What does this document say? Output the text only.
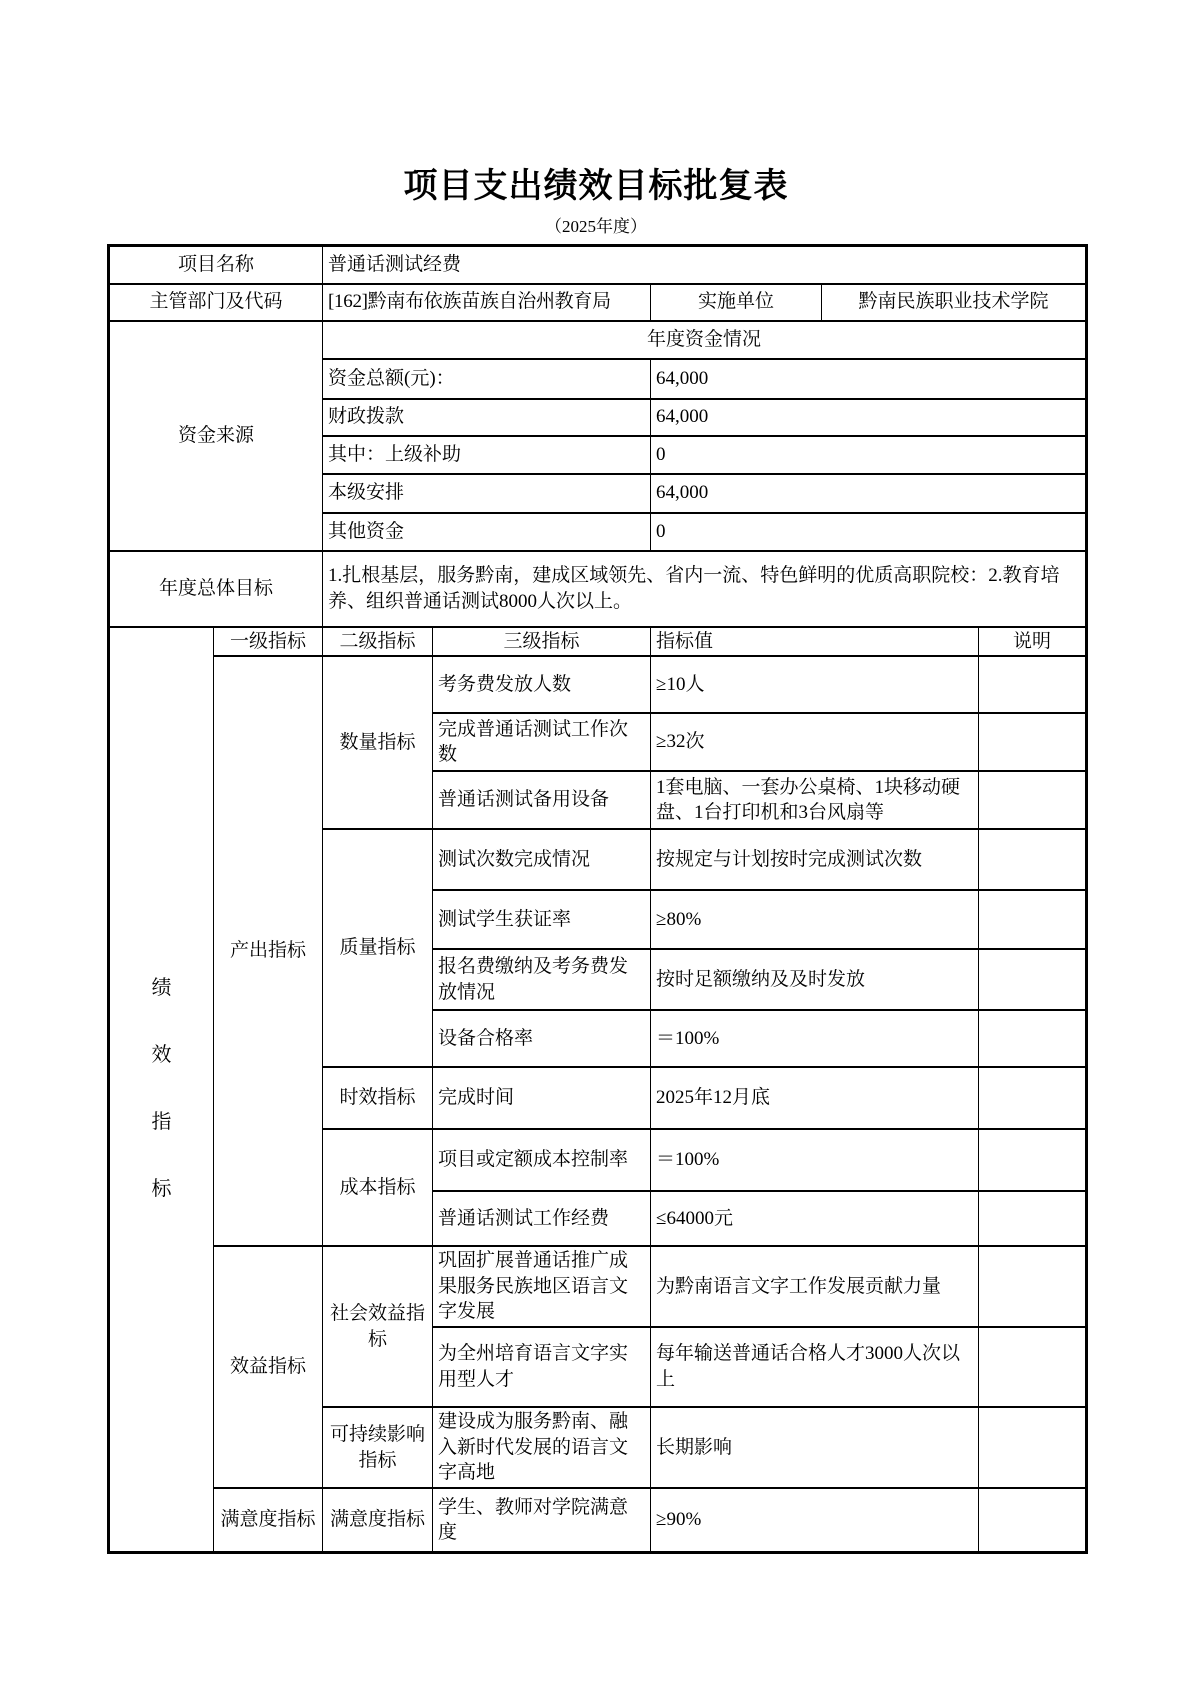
项目支出绩效目标批复表
（2025年度）
项目名称		普通话测试经费				
主管部门及代码		[162]黔南布依族苗族自治州教育局		实施单位	黔南民族职业技术学院	
资金来源		年度资金情况				
		资金总额(元)：		64,000		
		财政拨款		64,000		
		其中：上级补助		0		
		本级安排		64,000		
		其他资金		0		
年度总体目标		1.扎根基层，服务黔南，建成区域领先、省内一流、特色鲜明的优质高职院校：2.教育培养、组织普通话测试8000人次以上。				
绩效指标	一级指标	二级指标	三级指标	指标值		说明
	产出指标	数量指标	考务费发放人数	≥10人		
			完成普通话测试工作次数	≥32次		
			普通话测试备用设备	1套电脑、一套办公桌椅、1块移动硬盘、1台打印机和3台风扇等		
		质量指标	测试次数完成情况	按规定与计划按时完成测试次数		
			测试学生获证率	≥80%		
			报名费缴纳及考务费发放情况	按时足额缴纳及及时发放		
			设备合格率	＝100%		
		时效指标	完成时间	2025年12月底		
		成本指标	项目或定额成本控制率	＝100%		
			普通话测试工作经费	≤64000元		
	效益指标	社会效益指标	巩固扩展普通话推广成果服务民族地区语言文字发展	为黔南语言文字工作发展贡献力量		
			为全州培育语言文字实用型人才	每年输送普通话合格人才3000人次以上		
		可持续影响指标	建设成为服务黔南、融入新时代发展的语言文字高地	长期影响		
	满意度指标	满意度指标	学生、教师对学院满意度	≥90%		
